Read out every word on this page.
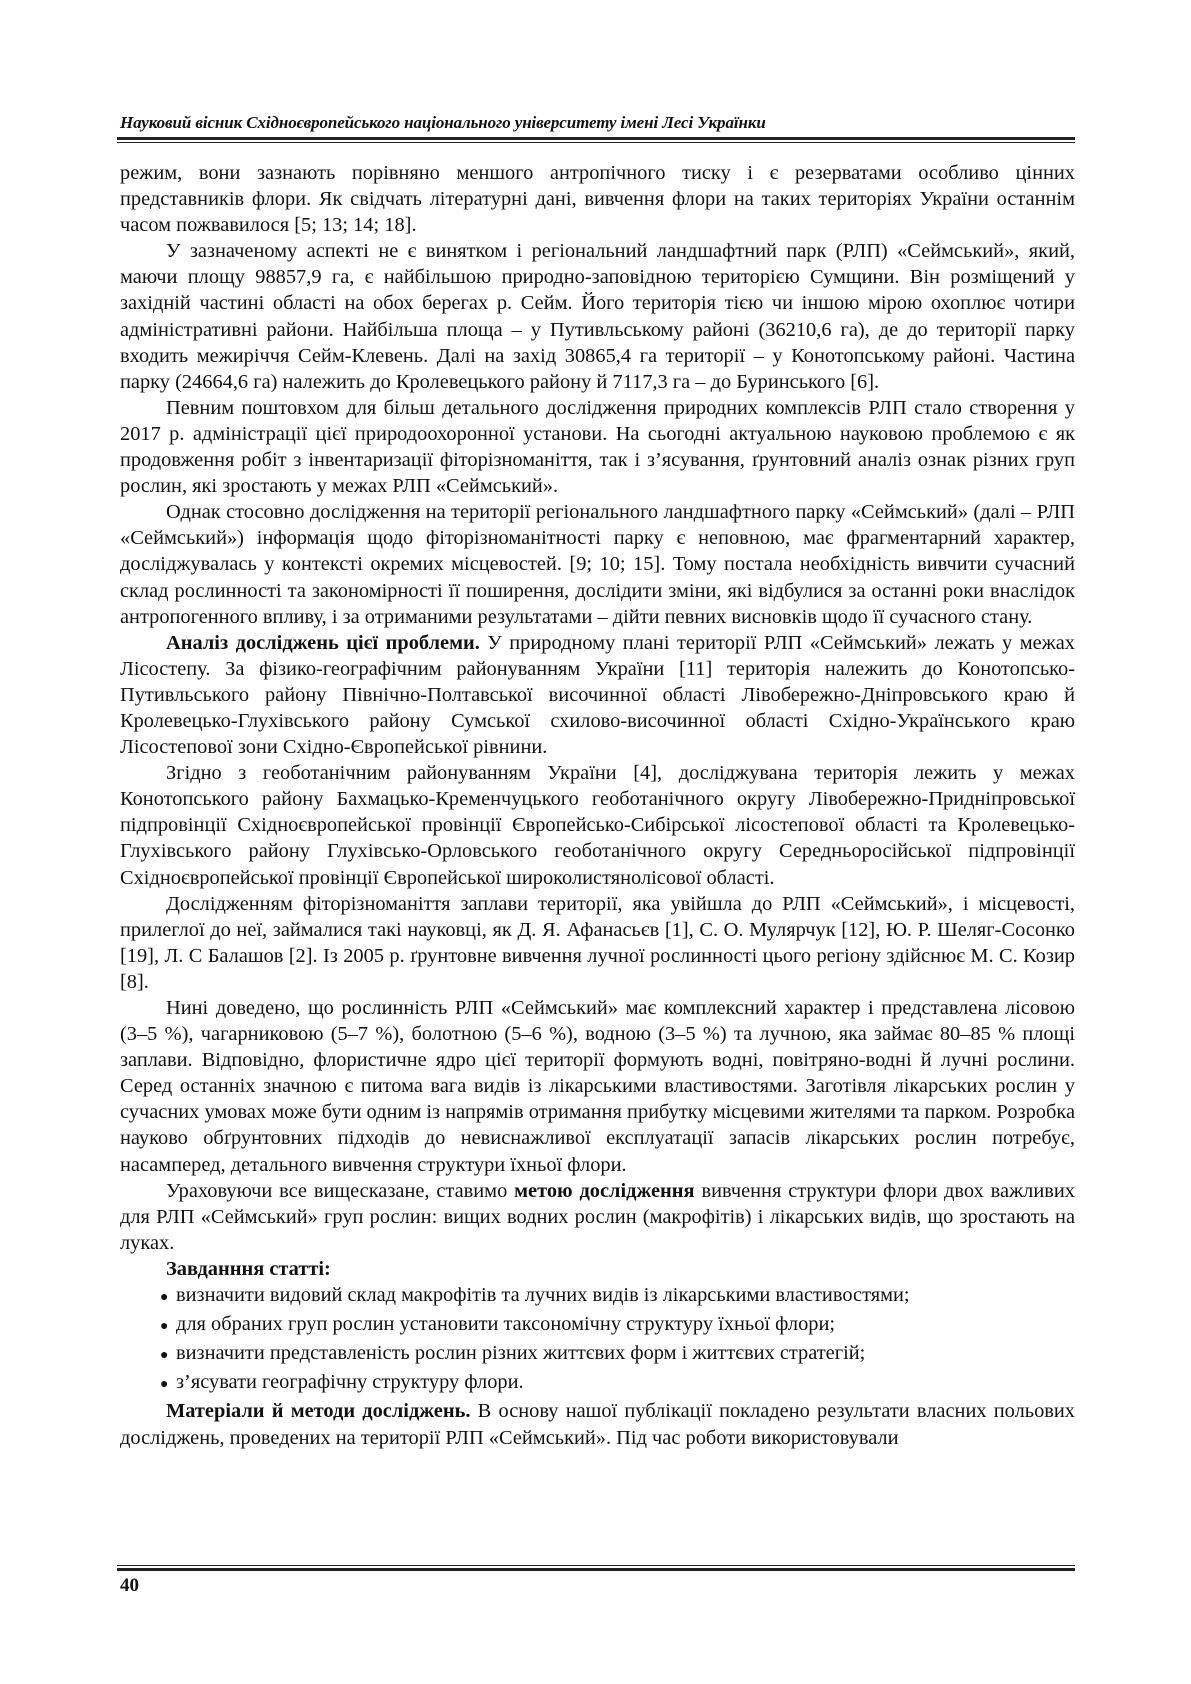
Науковий вісник Східноєвропейського національного університету імені Лесі Українки

режим, вони зазнають порівняно меншого антропічного тиску і є резерватами особливо цінних представників флори. Як свідчать літературні дані, вивчення флори на таких територіях України останнім часом пожвавилося [5; 13; 14; 18].

У зазначеному аспекті не є винятком і регіональний ландшафтний парк (РЛП) «Сеймський», який, маючи площу 98857,9 га, є найбільшою природно-заповідною територією Сумщини. Він розміщений у західній частині області на обох берегах р. Сейм. Його територія тією чи іншою мірою охоплює чотири адміністративні райони. Найбільша площа – у Путивльському районі (36210,6 га), де до території парку входить межиріччя Сейм-Клевень. Далі на захід 30865,4 га території – у Конотопському районі. Частина парку (24664,6 га) належить до Кролевецького району й 7117,3 га – до Буринського [6].

Певним поштовхом для більш детального дослідження природних комплексів РЛП стало створення у 2017 р. адміністрації цієї природоохоронної установи. На сьогодні актуальною науковою проблемою є як продовження робіт з інвентаризації фіторізноманіття, так і з’ясування, ґрунтовний аналіз ознак різних груп рослин, які зростають у межах РЛП «Сеймський».

Однак стосовно дослідження на території регіонального ландшафтного парку «Сеймський» (далі – РЛП «Сеймський») інформація щодо фіторізноманітності парку є неповною, має фрагментарний характер, досліджувалась у контексті окремих місцевостей. [9; 10; 15]. Тому постала необхідність вивчити сучасний склад рослинності та закономірності її поширення, дослідити зміни, які відбулися за останні роки внаслідок антропогенного впливу, і за отриманими результатами – дійти певних висновків щодо її сучасного стану.

Аналіз досліджень цієї проблеми. У природному плані території РЛП «Сеймський» лежать у межах Лісостепу. За фізико-географічним районуванням України [11] територія належить до Конотопсько-Путивльського району Північно-Полтавської височинної області Лівобережно-Дніпровського краю й Кролевецько-Глухівського району Сумської схилово-височинної області Східно-Українського краю Лісостепової зони Східно-Європейської рівнини.

Згідно з геоботанічним районуванням України [4], досліджувана територія лежить у межах Конотопського району Бахмацько-Кременчуцького геоботанічного округу Лівобережно-Придніпровської підпровінції Східноєвропейської провінції Європейсько-Сибірської лісостепової області та Кролевецько-Глухівського району Глухівсько-Орловського геоботанічного округу Середньоросійської підпровінції Східноєвропейської провінції Європейської широколистянолісової області.

Дослідженням фіторізноманіття заплави території, яка увійшла до РЛП «Сеймський», і місцевості, прилеглої до неї, займалися такі науковці, як Д. Я. Афанасьєв [1], С. О. Мулярчук [12], Ю. Р. Шеляг-Сосонко [19], Л. С Балашов [2]. Із 2005 р. ґрунтовне вивчення лучної рослинності цього регіону здійснює М. С. Козир [8].

Нині доведено, що рослинність РЛП «Сеймський» має комплексний характер і представлена лісовою (3–5 %), чагарниковою (5–7 %), болотною (5–6 %), водною (3–5 %) та лучною, яка займає 80–85 % площі заплави. Відповідно, флористичне ядро цієї території формують водні, повітряно-водні й лучні рослини. Серед останніх значною є питома вага видів із лікарськими властивостями. Заготівля лікарських рослин у сучасних умовах може бути одним із напрямів отримання прибутку місцевими жителями та парком. Розробка науково обґрунтовних підходів до невиснажливої експлуатації запасів лікарських рослин потребує, насамперед, детального вивчення структури їхньої флори.

Ураховуючи все вищесказане, ставимо метою дослідження вивчення структури флори двох важливих для РЛП «Сеймський» груп рослин: вищих водних рослин (макрофітів) і лікарських видів, що зростають на луках.

Завданння статті:
● визначити видовий склад макрофітів та лучних видів із лікарськими властивостями;
● для обраних груп рослин установити таксономічну структуру їхньої флори;
● визначити представленість рослин різних життєвих форм і життєвих стратегій;
● з’ясувати географічну структуру флори.

Матеріали й методи досліджень. В основу нашої публікації покладено результати власних польових досліджень, проведених на території РЛП «Сеймський». Під час роботи використовували

40
